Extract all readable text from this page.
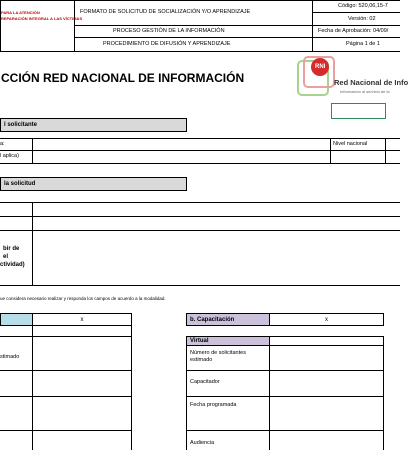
PARA LA ATENCIÓN
REPARACIÓN INTEGRAL A LAS VÍCTIMAS
FORMATO DE SOLICITUD DE SOCIALIZACIÓN Y/O APRENDIZAJE
PROCESO GESTIÓN DE LA INFORMACIÓN
PROCEDIMIENTO DE DIFUSIÓN Y APRENDIZAJE
Código: 520,06,15-7
Versión: 02
Fecha de Aprobación: 04/09/
Página 1 de 1
CCIÓN RED NACIONAL DE INFORMACIÓN
RNI
Red Nacional de Info
Información al servicio de la
l solicitante
a:
l aplica)
Nivel nacional
la solicitud
bir de
el
ctividad)
ue considera necesario realizar y responda los campos de acuerdo a la modalidad.
x
stimado
b. Capacitación	x
Virtual
Número de solicitantes
estimado
Capacitador
Fecha programada
Audiencia
